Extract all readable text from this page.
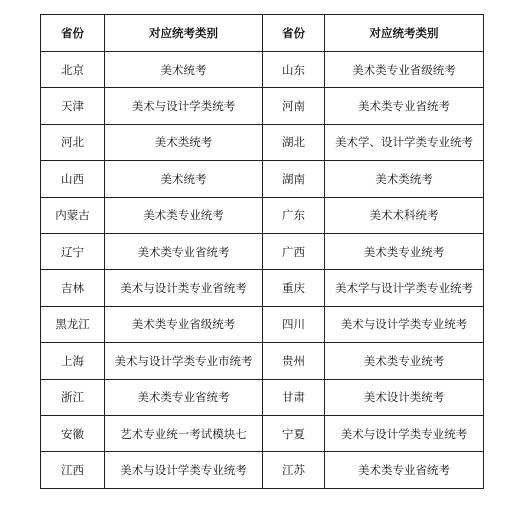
省份	对应统考类别	省份	对应统考类别
北京	美术统考	山东	美术类专业省级统考
天津	美术与设计学类统考	河南	美术类专业省统考
河北	美术类统考	湖北	美术学、设计学类专业统考
山西	美术统考	湖南	美术类统考
内蒙古	美术类专业统考	广东	美术术科统考
辽宁	美术类专业省统考	广西	美术类专业统考
吉林	美术与设计类专业省统考	重庆	美术学与设计学类专业统考
黑龙江	美术类专业省级统考	四川	美术与设计学类专业统考
上海	美术与设计学类专业市统考	贵州	美术类专业统考
浙江	美术类专业省统考	甘肃	美术设计类统考
安徽	艺术专业统一考试模块七	宁夏	美术与设计学类专业统考
江西	美术与设计学类专业统考	江苏	美术类专业省统考
